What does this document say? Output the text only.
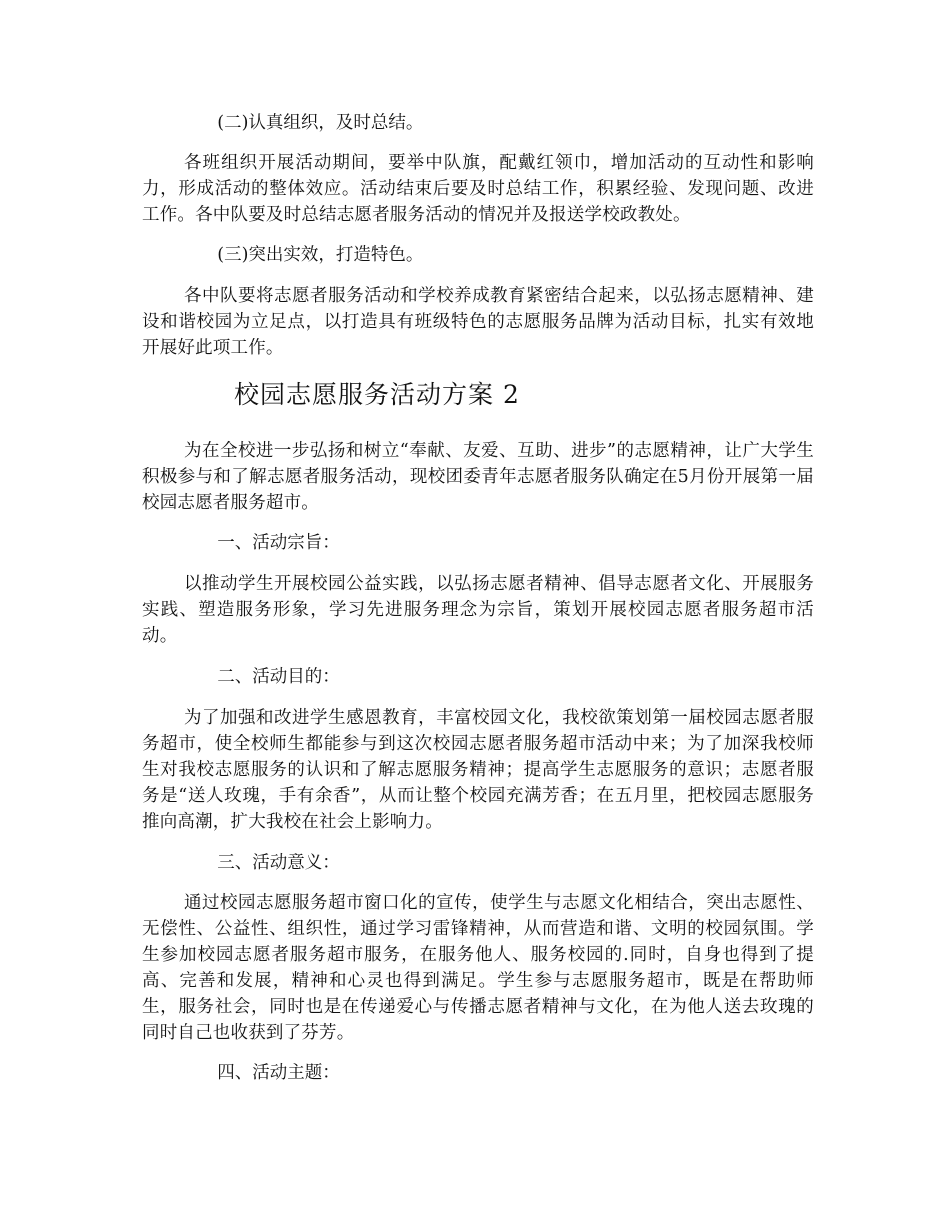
(二)认真组织，及时总结。

各班组织开展活动期间，要举中队旗，配戴红领巾，增加活动的互动性和影响力，形成活动的整体效应。活动结束后要及时总结工作，积累经验、发现问题、改进工作。各中队要及时总结志愿者服务活动的情况并及报送学校政教处。

(三)突出实效，打造特色。

各中队要将志愿者服务活动和学校养成教育紧密结合起来，以弘扬志愿精神、建设和谐校园为立足点，以打造具有班级特色的志愿服务品牌为活动目标，扎实有效地开展好此项工作。

校园志愿服务活动方案 2

为在全校进一步弘扬和树立“奉献、友爱、互助、进步”的志愿精神，让广大学生积极参与和了解志愿者服务活动，现校团委青年志愿者服务队确定在5月份开展第一届校园志愿者服务超市。

一、活动宗旨：

以推动学生开展校园公益实践，以弘扬志愿者精神、倡导志愿者文化、开展服务实践、塑造服务形象，学习先进服务理念为宗旨，策划开展校园志愿者服务超市活动。

二、活动目的：

为了加强和改进学生感恩教育，丰富校园文化，我校欲策划第一届校园志愿者服务超市，使全校师生都能参与到这次校园志愿者服务超市活动中来；为了加深我校师生对我校志愿服务的认识和了解志愿服务精神；提高学生志愿服务的意识；志愿者服务是“送人玫瑰，手有余香”，从而让整个校园充满芳香；在五月里，把校园志愿服务推向高潮，扩大我校在社会上影响力。

三、活动意义：

通过校园志愿服务超市窗口化的宣传，使学生与志愿文化相结合，突出志愿性、无偿性、公益性、组织性，通过学习雷锋精神，从而营造和谐、文明的校园氛围。学生参加校园志愿者服务超市服务，在服务他人、服务校园的.同时，自身也得到了提高、完善和发展，精神和心灵也得到满足。学生参与志愿服务超市，既是在帮助师生，服务社会，同时也是在传递爱心与传播志愿者精神与文化，在为他人送去玫瑰的同时自己也收获到了芬芳。

四、活动主题：
